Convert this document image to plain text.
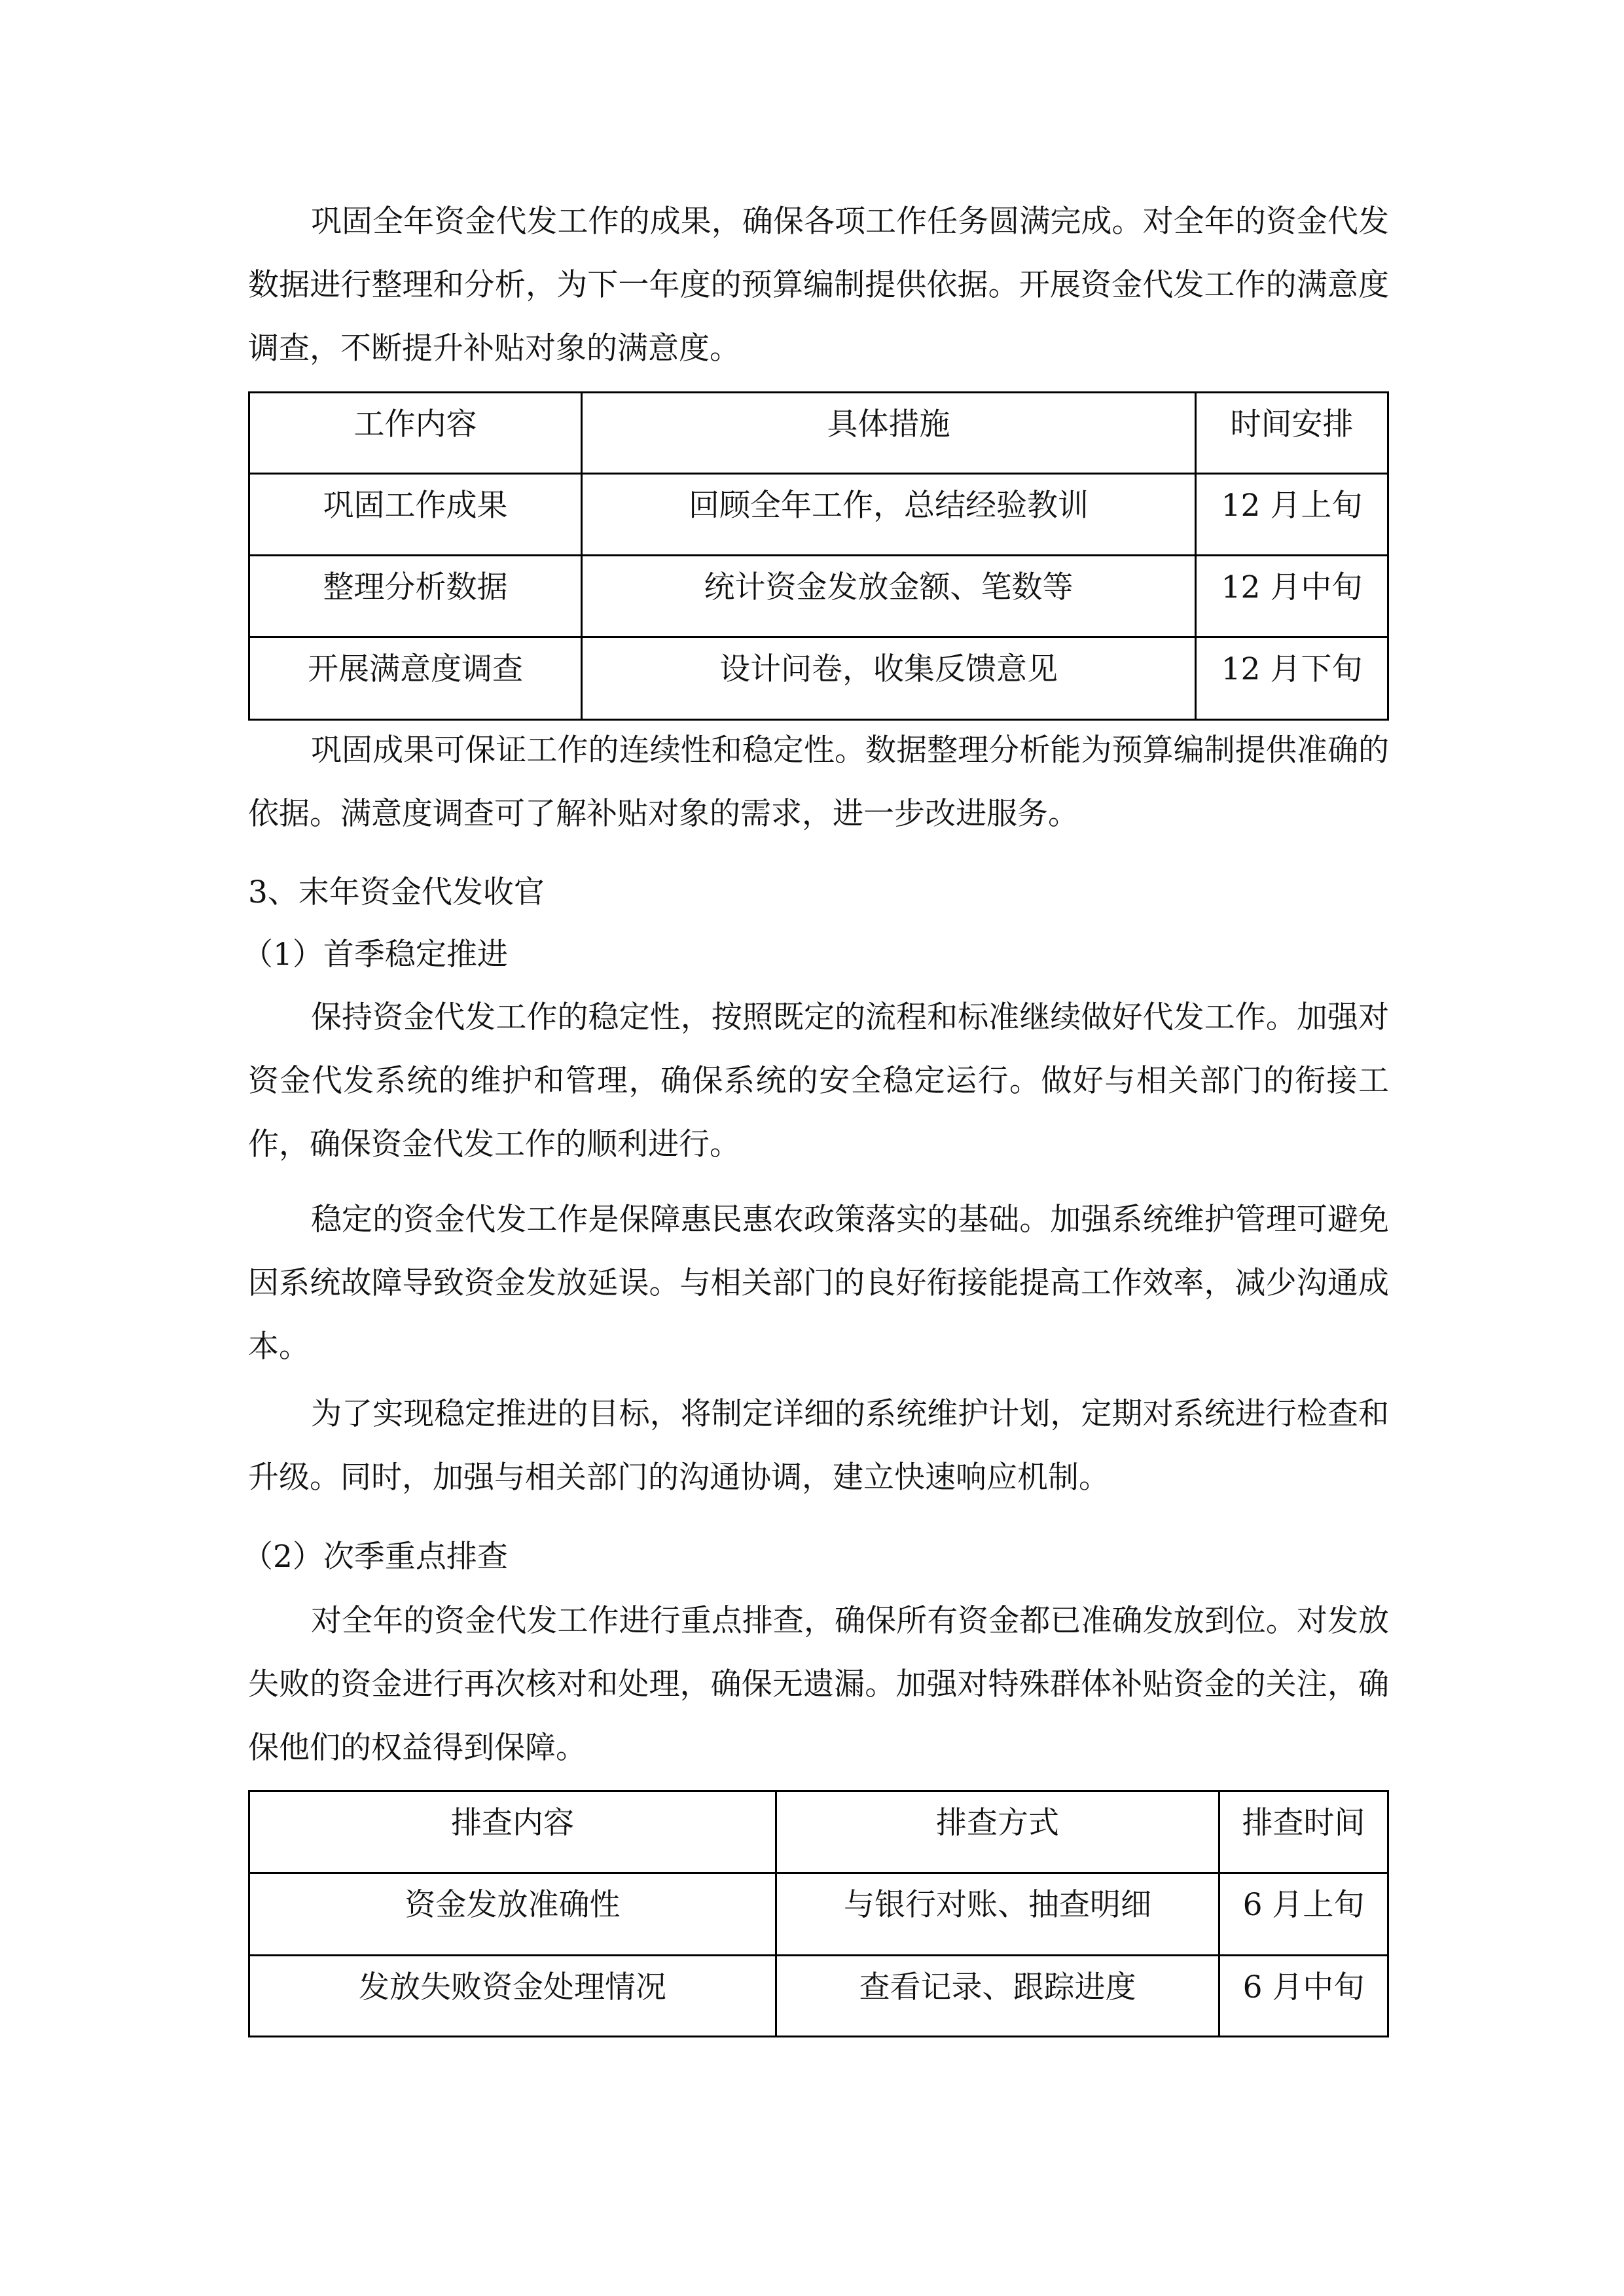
巩固全年资金代发工作的成果，确保各项工作任务圆满完成。对全年的资金代发数据进行整理和分析，为下一年度的预算编制提供依据。开展资金代发工作的满意度调查，不断提升补贴对象的满意度。

工作内容	具体措施	时间安排
巩固工作成果	回顾全年工作，总结经验教训	12 月上旬
整理分析数据	统计资金发放金额、笔数等	12 月中旬
开展满意度调查	设计问卷，收集反馈意见	12 月下旬

巩固成果可保证工作的连续性和稳定性。数据整理分析能为预算编制提供准确的依据。满意度调查可了解补贴对象的需求，进一步改进服务。

3、末年资金代发收官

（1）首季稳定推进

保持资金代发工作的稳定性，按照既定的流程和标准继续做好代发工作。加强对资金代发系统的维护和管理，确保系统的安全稳定运行。做好与相关部门的衔接工作，确保资金代发工作的顺利进行。

稳定的资金代发工作是保障惠民惠农政策落实的基础。加强系统维护管理可避免因系统故障导致资金发放延误。与相关部门的良好衔接能提高工作效率，减少沟通成本。

为了实现稳定推进的目标，将制定详细的系统维护计划，定期对系统进行检查和升级。同时，加强与相关部门的沟通协调，建立快速响应机制。

（2）次季重点排查

对全年的资金代发工作进行重点排查，确保所有资金都已准确发放到位。对发放失败的资金进行再次核对和处理，确保无遗漏。加强对特殊群体补贴资金的关注，确保他们的权益得到保障。

排查内容	排查方式	排查时间
资金发放准确性	与银行对账、抽查明细	6 月上旬
发放失败资金处理情况	查看记录、跟踪进度	6 月中旬
